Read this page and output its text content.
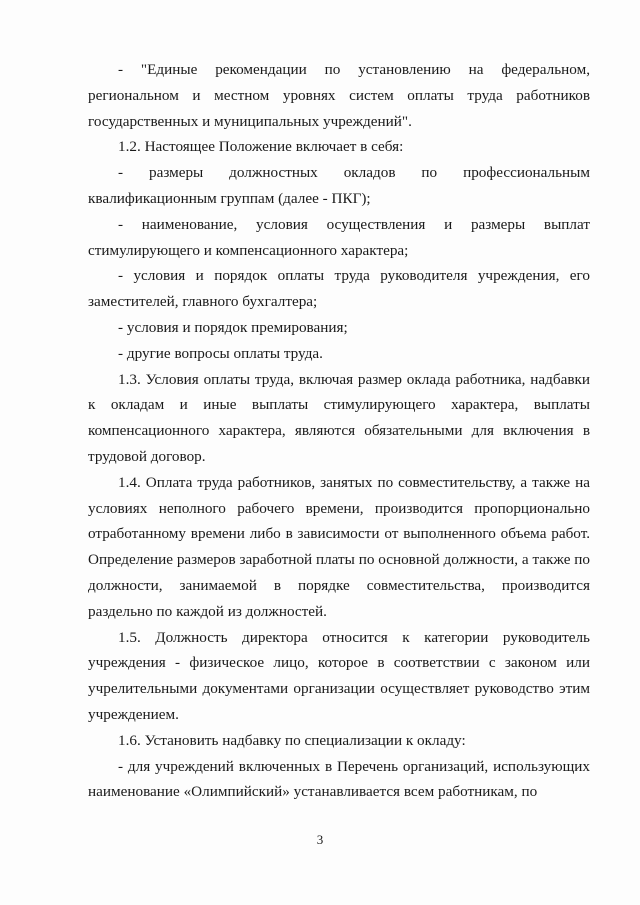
- "Единые рекомендации по установлению на федеральном, региональном и местном уровнях систем оплаты труда работников государственных и муниципальных учреждений".

1.2. Настоящее Положение включает в себя:

- размеры должностных окладов по профессиональным квалификационным группам (далее - ПКГ);

- наименование, условия осуществления и размеры выплат стимулирующего и компенсационного характера;

- условия и порядок оплаты труда руководителя учреждения, его заместителей, главного бухгалтера;

- условия и порядок премирования;

- другие вопросы оплаты труда.

1.3. Условия оплаты труда, включая размер оклада работника, надбавки к окладам и иные выплаты стимулирующего характера, выплаты компенсационного характера, являются обязательными для включения в трудовой договор.

1.4. Оплата труда работников, занятых по совместительству, а также на условиях неполного рабочего времени, производится пропорционально отработанному времени либо в зависимости от выполненного объема работ. Определение размеров заработной платы по основной должности, а также по должности, занимаемой в порядке совместительства, производится раздельно по каждой из должностей.

1.5. Должность директора относится к категории руководитель учреждения - физическое лицо, которое в соответствии с законом или учрелительными документами организации осуществляет руководство этим учреждением.

1.6. Установить надбавку по специализации к окладу:

- для учреждений включенных в Перечень организаций, использующих наименование «Олимпийский» устанавливается всем работникам, по

3
